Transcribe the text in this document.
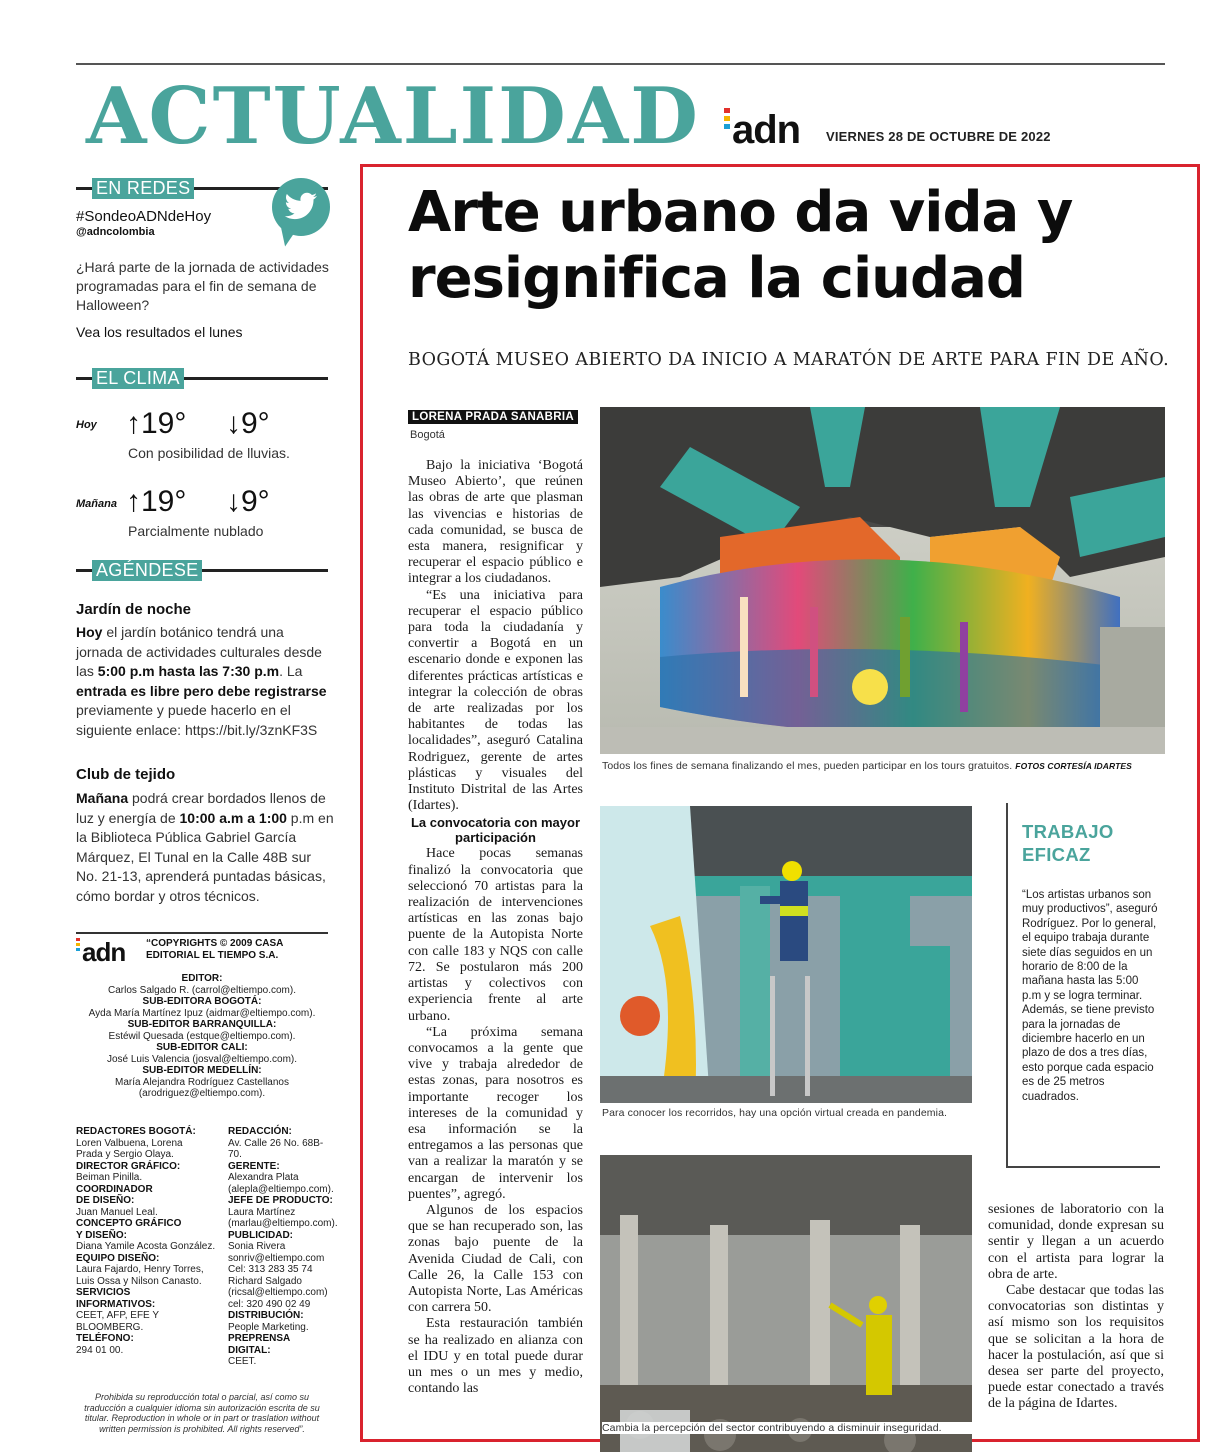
ACTUALIDAD adn VIERNES 28 DE OCTUBRE DE 2022
EN REDES
#SondeoADNdeHoy
@adncolombia
¿Hará parte de la jornada de actividades programadas para el fin de semana de Halloween?
Vea los resultados el lunes
EL CLIMA
Hoy ↑19° ↓9°
Con posibilidad de lluvias.
Mañana ↑19° ↓9°
Parcialmente nublado
AGÉNDESE
Jardín de noche
Hoy el jardín botánico tendrá una jornada de actividades culturales desde las 5:00 p.m hasta las 7:30 p.m. La entrada es libre pero debe registrarse previamente y puede hacerlo en el siguiente enlace: https://bit.ly/3znKF3S
Club de tejido
Mañana podrá crear bordados llenos de luz y energía de 10:00 a.m a 1:00 p.m en la Biblioteca Pública Gabriel García Márquez, El Tunal en la Calle 48B sur No. 21-13, aprenderá puntadas básicas, cómo bordar y otros técnicos.
adn “COPYRIGHTS © 2009 CASA EDITORIAL EL TIEMPO S.A.
EDITOR:
Carlos Salgado R. (carrol@eltiempo.com).
SUB-EDITORA BOGOTÁ:
Ayda María Martínez Ipuz (aidmar@eltiempo.com).
SUB-EDITOR BARRANQUILLA:
Estéwil Quesada (estque@eltiempo.com).
SUB-EDITOR CALI:
José Luis Valencia (josval@eltiempo.com).
SUB-EDITOR MEDELLÍN:
María Alejandra Rodríguez Castellanos
(arodriguez@eltiempo.com).
REDACTORES BOGOTÁ:
Loren Valbuena, Lorena
Prada y Sergio Olaya.
DIRECTOR GRÁFICO:
Beiman Pinilla.
COORDINADOR
DE DISEÑO:
Juan Manuel Leal.
CONCEPTO GRÁFICO
Y DISEÑO:
Diana Yamile Acosta González.
EQUIPO DISEÑO:
Laura Fajardo, Henry Torres,
Luis Ossa y Nilson Canasto.
SERVICIOS
INFORMATIVOS:
CEET, AFP, EFE Y BLOOMBERG.
TELÉFONO:
294 01 00.
REDACCIÓN:
Av. Calle 26 No. 68B-70.
GERENTE:
Alexandra Plata
(alepla@eltiempo.com).
JEFE DE PRODUCTO:
Laura Martínez
(marlau@eltiempo.com).
PUBLICIDAD:
Sonia Rivera
sonriv@eltiempo.com
Cel: 313 283 35 74
Richard Salgado
(ricsal@eltiempo.com)
cel: 320 490 02 49
DISTRIBUCIÓN:
People Marketing.
PREPRENSA DIGITAL:
CEET.
Prohibida su reproducción total o parcial, así como su traducción a cualquier idioma sin autorización escrita de su titular. Reproduction in whole or in part or traslation without written permission is prohibited. All rights reserved”.
Arte urbano da vida y resignifica la ciudad
BOGOTÁ MUSEO ABIERTO DA INICIO A MARATÓN DE ARTE PARA FIN DE AÑO.
LORENA PRADA SANABRIA
Bogotá

Bajo la iniciativa ‘Bogotá Museo Abierto’, que reúnen las obras de arte que plasman las vivencias e historias de cada comunidad, se busca de esta manera, resignificar y recuperar el espacio público e integrar a los ciudadanos.

“Es una iniciativa para recuperar el espacio público para toda la ciudadanía y convertir a Bogotá en un escenario donde e exponen las diferentes prácticas artísticas e integrar la colección de obras de arte realizadas por los habitantes de todas las localidades”, aseguró Catalina Rodriguez, gerente de artes plásticas y visuales del Instituto Distrital de las Artes (Idartes).

La convocatoria con mayor participación

Hace pocas semanas finalizó la convocatoria que seleccionó 70 artistas para la realización de intervenciones artísticas en las zonas bajo puente de la Autopista Norte con calle 183 y NQS con calle 72. Se postularon más 200 artistas y colectivos con experiencia frente al arte urbano.

“La próxima semana convocamos a la gente que vive y trabaja alrededor de estas zonas, para nosotros es importante recoger los intereses de la comunidad y esa información se la entregamos a las personas que van a realizar la maratón y se encargan de intervenir los puentes”, agregó.

Algunos de los espacios que se han recuperado son, las zonas bajo puente de la Avenida Ciudad de Cali, con Calle 26, la Calle 153 con Autopista Norte, Las Américas con carrera 50.

Esta restauración también se ha realizado en alianza con el IDU y en total puede durar un mes o un mes y medio, contando las

sesiones de laboratorio con la comunidad, donde expresan su sentir y llegan a un acuerdo con el artista para lograr la obra de arte.

Cabe destacar que todas las convocatorias son distintas y así mismo son los requisitos que se solicitan a la hora de hacer la postulación, así que si desea ser parte del proyecto, puede estar conectado a través de la página de Idartes.

Todos los fines de semana finalizando el mes, pueden participar en los tours gratuitos. FOTOS CORTESÍA IDARTES
Para conocer los recorridos, hay una opción virtual creada en pandemia.
TRABAJO EFICAZ
“Los artistas urbanos son muy productivos”, aseguró Rodríguez. Por lo general, el equipo trabaja durante siete días seguidos en un horario de 8:00 de la mañana hasta las 5:00 p.m y se logra terminar. Además, se tiene previsto para la jornadas de diciembre hacerlo en un plazo de dos a tres días, esto porque cada espacio es de 25 metros cuadrados.
Cambia la percepción del sector contribuyendo a disminuir inseguridad.
